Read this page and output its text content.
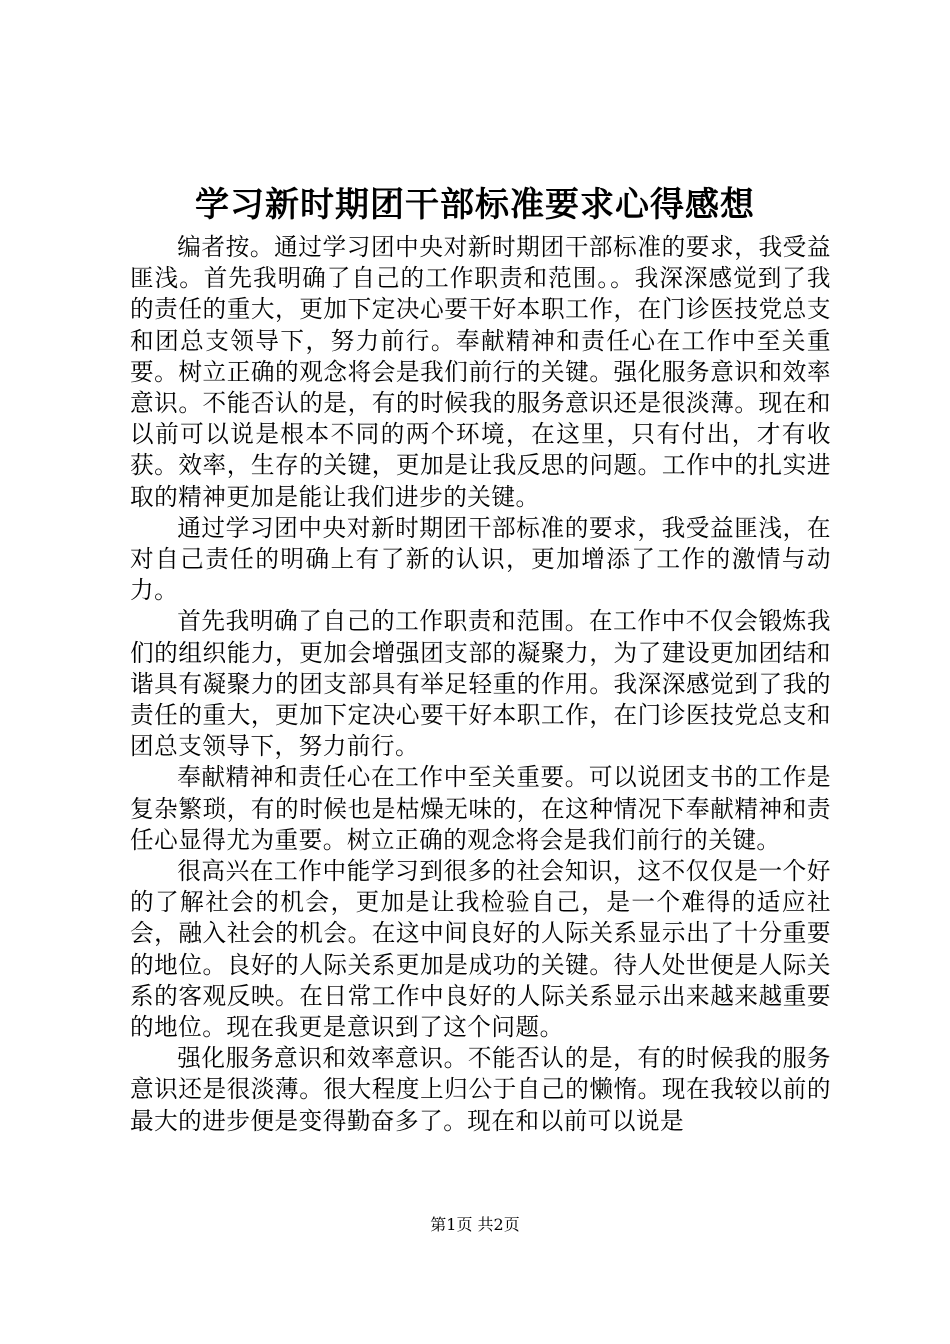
学习新时期团干部标准要求心得感想

编者按。通过学习团中央对新时期团干部标准的要求，我受益匪浅。首先我明确了自己的工作职责和范围。。我深深感觉到了我的责任的重大，更加下定决心要干好本职工作，在门诊医技党总支和团总支领导下，努力前行。奉献精神和责任心在工作中至关重要。树立正确的观念将会是我们前行的关键。强化服务意识和效率意识。不能否认的是，有的时候我的服务意识还是很淡薄。现在和以前可以说是根本不同的两个环境，在这里，只有付出，才有收获。效率，生存的关键，更加是让我反思的问题。工作中的扎实进取的精神更加是能让我们进步的关键。

通过学习团中央对新时期团干部标准的要求，我受益匪浅，在对自己责任的明确上有了新的认识，更加增添了工作的激情与动力。

首先我明确了自己的工作职责和范围。在工作中不仅会锻炼我们的组织能力，更加会增强团支部的凝聚力，为了建设更加团结和谐具有凝聚力的团支部具有举足轻重的作用。我深深感觉到了我的责任的重大，更加下定决心要干好本职工作，在门诊医技党总支和团总支领导下，努力前行。

奉献精神和责任心在工作中至关重要。可以说团支书的工作是复杂繁琐，有的时候也是枯燥无味的，在这种情况下奉献精神和责任心显得尤为重要。树立正确的观念将会是我们前行的关键。

很高兴在工作中能学习到很多的社会知识，这不仅仅是一个好的了解社会的机会，更加是让我检验自己，是一个难得的适应社会，融入社会的机会。在这中间良好的人际关系显示出了十分重要的地位。良好的人际关系更加是成功的关键。待人处世便是人际关系的客观反映。在日常工作中良好的人际关系显示出来越来越重要的地位。现在我更是意识到了这个问题。

强化服务意识和效率意识。不能否认的是，有的时候我的服务意识还是很淡薄。很大程度上归公于自己的懒惰。现在我较以前的最大的进步便是变得勤奋多了。现在和以前可以说是

第1页 共2页
